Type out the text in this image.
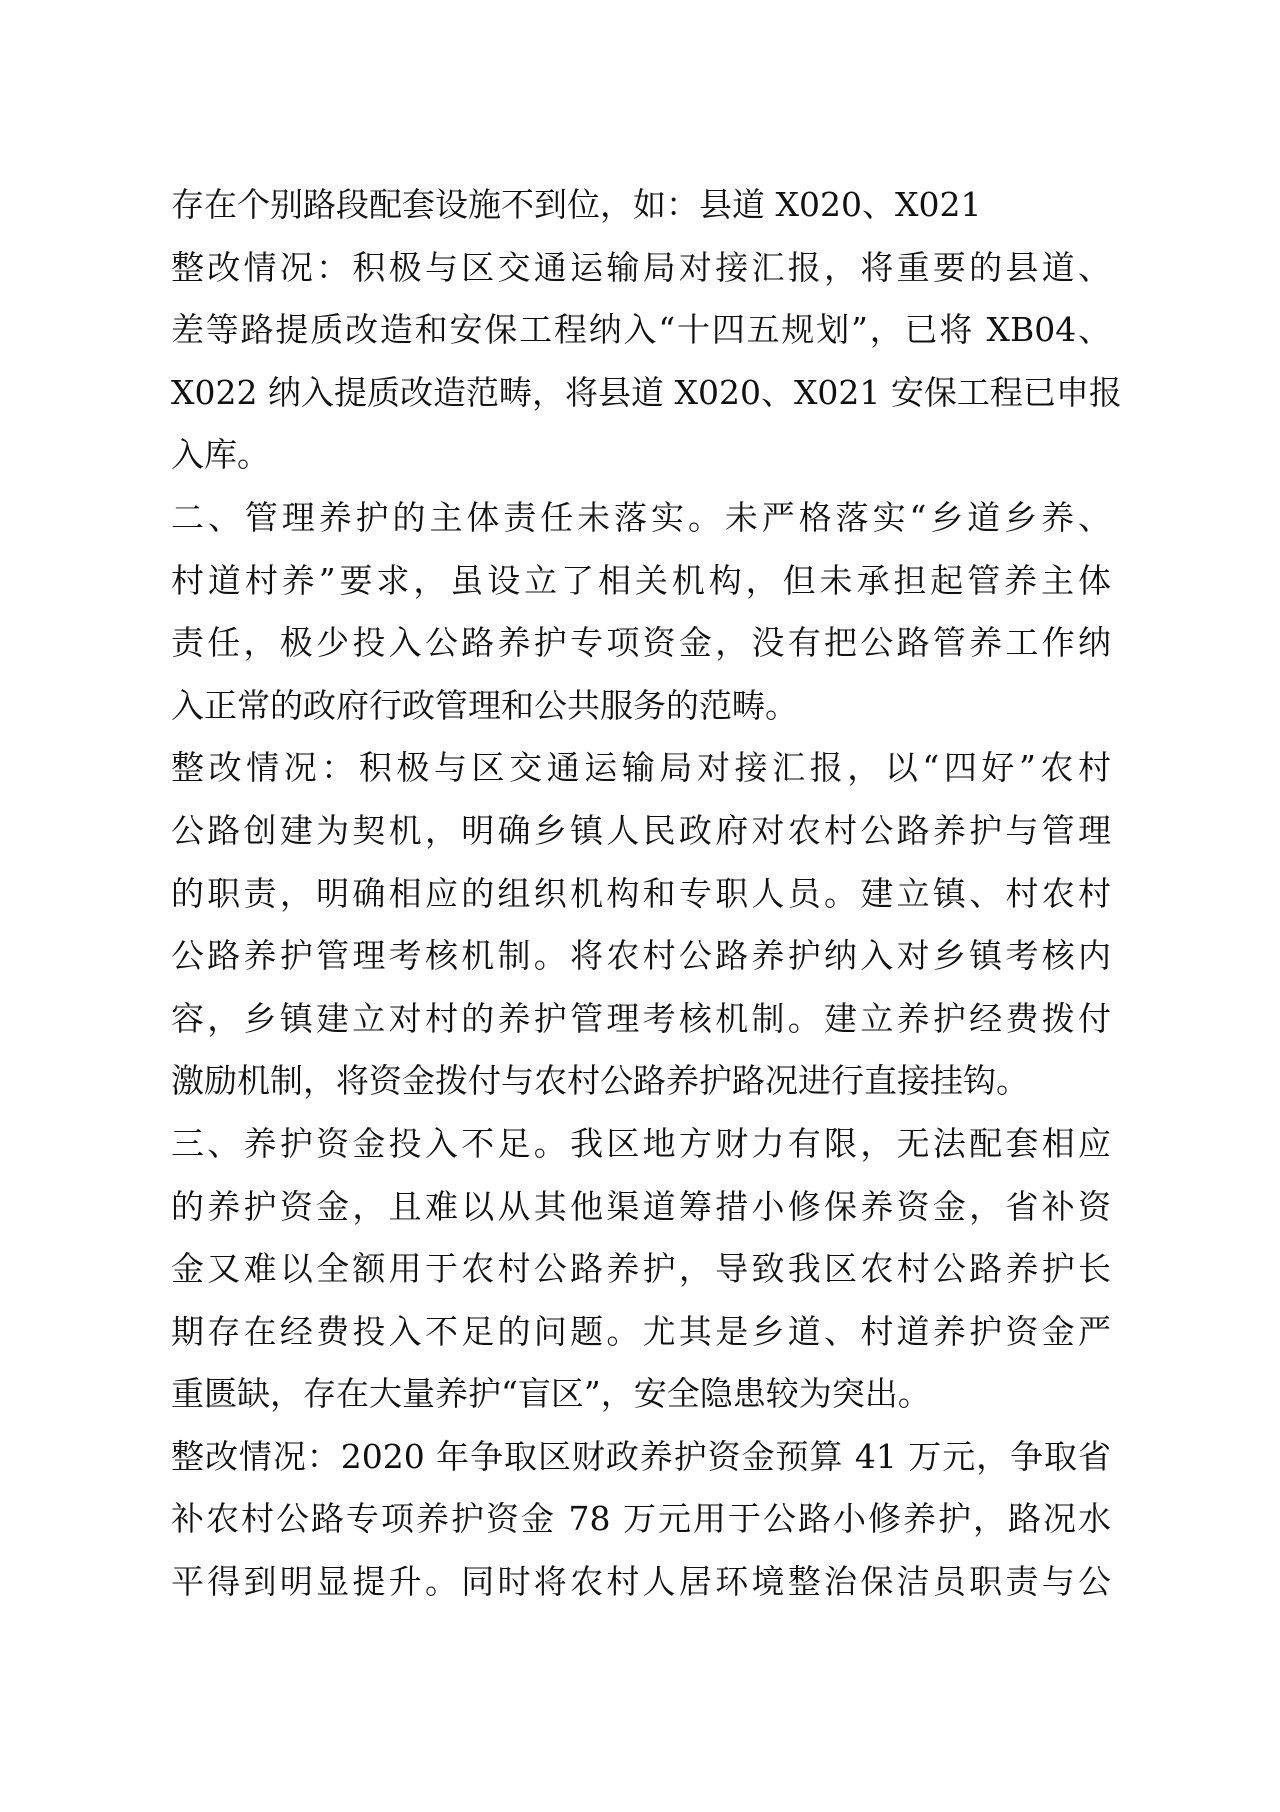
存在个别路段配套设施不到位，如：县道 X020、X021
整改情况：积极与区交通运输局对接汇报，将重要的县道、
差等路提质改造和安保工程纳入“十四五规划”，已将 XB04、
X022 纳入提质改造范畴，将县道 X020、X021 安保工程已申报
入库。
二、管理养护的主体责任未落实。未严格落实“乡道乡养、
村道村养”要求，虽设立了相关机构，但未承担起管养主体
责任，极少投入公路养护专项资金，没有把公路管养工作纳
入正常的政府行政管理和公共服务的范畴。
整改情况：积极与区交通运输局对接汇报，以“四好”农村
公路创建为契机，明确乡镇人民政府对农村公路养护与管理
的职责，明确相应的组织机构和专职人员。建立镇、村农村
公路养护管理考核机制。将农村公路养护纳入对乡镇考核内
容，乡镇建立对村的养护管理考核机制。建立养护经费拨付
激励机制，将资金拨付与农村公路养护路况进行直接挂钩。
三、养护资金投入不足。我区地方财力有限，无法配套相应
的养护资金，且难以从其他渠道筹措小修保养资金，省补资
金又难以全额用于农村公路养护，导致我区农村公路养护长
期存在经费投入不足的问题。尤其是乡道、村道养护资金严
重匮缺，存在大量养护“盲区”，安全隐患较为突出。
整改情况：2020 年争取区财政养护资金预算 41 万元，争取省
补农村公路专项养护资金 78 万元用于公路小修养护，路况水
平得到明显提升。同时将农村人居环境整治保洁员职责与公
